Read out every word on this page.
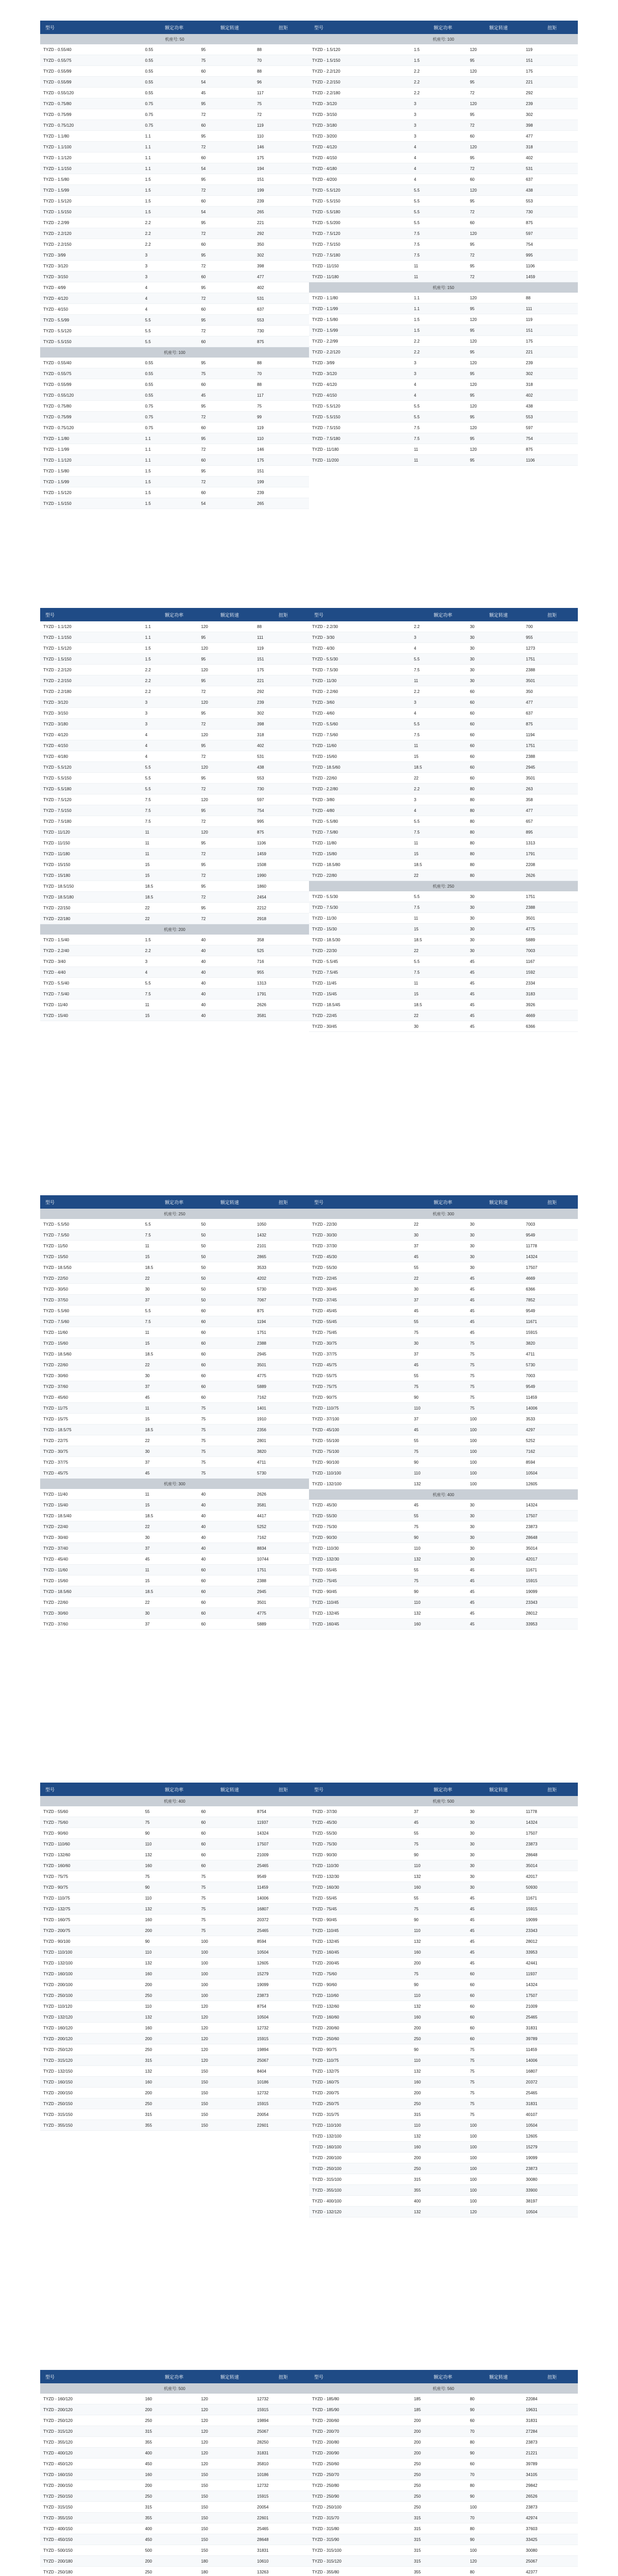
型号	额定功率	额定转速	扭矩
机座号: 50
TYZD - 0.55/40	0.55	95	88
TYZD - 0.55/75	0.55	75	70
TYZD - 0.55/99	0.55	60	88
TYZD - 0.55/99	0.55	54	96
TYZD - 0.55/120	0.55	45	117
TYZD - 0.75/80	0.75	95	75
TYZD - 0.75/99	0.75	72	72
TYZD - 0.75/120	0.75	60	119
TYZD - 1.1/80	1.1	95	110
TYZD - 1.1/100	1.1	72	146
TYZD - 1.1/120	1.1	60	175
TYZD - 1.1/150	1.1	54	194
TYZD - 1.5/80	1.5	95	151
TYZD - 1.5/99	1.5	72	199
TYZD - 1.5/120	1.5	60	239
TYZD - 1.5/150	1.5	54	265
TYZD - 2.2/99	2.2	95	221
TYZD - 2.2/120	2.2	72	292
TYZD - 2.2/150	2.2	60	350
TYZD - 3/99	3	95	302
TYZD - 3/120	3	72	398
TYZD - 3/150	3	60	477
TYZD - 4/99	4	95	402
TYZD - 4/120	4	72	531
TYZD - 4/150	4	60	637
TYZD - 5.5/99	5.5	95	553
TYZD - 5.5/120	5.5	72	730
TYZD - 5.5/150	5.5	60	875
机座号: 100
TYZD - 0.55/40	0.55	95	88
TYZD - 0.55/75	0.55	75	70
TYZD - 0.55/99	0.55	60	88
TYZD - 0.55/120	0.55	45	117
TYZD - 0.75/80	0.75	95	75
TYZD - 0.75/99	0.75	72	99
TYZD - 0.75/120	0.75	60	119
TYZD - 1.1/80	1.1	95	110
TYZD - 1.1/99	1.1	72	146
TYZD - 1.1/120	1.1	60	175
TYZD - 1.5/80	1.5	95	151
TYZD - 1.5/99	1.5	72	199
TYZD - 1.5/120	1.5	60	239
TYZD - 1.5/150	1.5	54	265
型号	额定功率	额定转速	扭矩
机座号: 100
TYZD - 1.5/120	1.5	120	119
TYZD - 1.5/150	1.5	95	151
TYZD - 2.2/120	2.2	120	175
TYZD - 2.2/150	2.2	95	221
TYZD - 2.2/180	2.2	72	292
TYZD - 3/120	3	120	239
TYZD - 3/150	3	95	302
TYZD - 3/180	3	72	398
TYZD - 3/200	3	60	477
TYZD - 4/120	4	120	318
TYZD - 4/150	4	95	402
TYZD - 4/180	4	72	531
TYZD - 4/200	4	60	637
TYZD - 5.5/120	5.5	120	438
TYZD - 5.5/150	5.5	95	553
TYZD - 5.5/180	5.5	72	730
TYZD - 5.5/200	5.5	60	875
TYZD - 7.5/120	7.5	120	597
TYZD - 7.5/150	7.5	95	754
TYZD - 7.5/180	7.5	72	995
TYZD - 11/150	11	95	1106
TYZD - 11/180	11	72	1459
机座号: 150
TYZD - 1.1/80	1.1	120	88
TYZD - 1.1/99	1.1	95	111
TYZD - 1.5/80	1.5	120	119
TYZD - 1.5/99	1.5	95	151
TYZD - 2.2/99	2.2	120	175
TYZD - 2.2/120	2.2	95	221
TYZD - 3/99	3	120	239
TYZD - 3/120	3	95	302
TYZD - 4/120	4	120	318
TYZD - 4/150	4	95	402
TYZD - 5.5/120	5.5	120	438
TYZD - 5.5/150	5.5	95	553
TYZD - 7.5/150	7.5	120	597
TYZD - 7.5/180	7.5	95	754
TYZD - 11/180	11	120	875
TYZD - 11/200	11	95	1106
型号	额定功率	额定转速	扭矩
TYZD - 1.1/120	1.1	120	88
TYZD - 1.1/150	1.1	95	111
TYZD - 1.5/120	1.5	120	119
TYZD - 1.5/150	1.5	95	151
TYZD - 2.2/120	2.2	120	175
TYZD - 2.2/150	2.2	95	221
TYZD - 2.2/180	2.2	72	292
TYZD - 3/120	3	120	239
TYZD - 3/150	3	95	302
TYZD - 3/180	3	72	398
TYZD - 4/120	4	120	318
TYZD - 4/150	4	95	402
TYZD - 4/180	4	72	531
TYZD - 5.5/120	5.5	120	438
TYZD - 5.5/150	5.5	95	553
TYZD - 5.5/180	5.5	72	730
TYZD - 7.5/120	7.5	120	597
TYZD - 7.5/150	7.5	95	754
TYZD - 7.5/180	7.5	72	995
TYZD - 11/120	11	120	875
TYZD - 11/150	11	95	1106
TYZD - 11/180	11	72	1459
TYZD - 15/150	15	95	1508
TYZD - 15/180	15	72	1990
TYZD - 18.5/150	18.5	95	1860
TYZD - 18.5/180	18.5	72	2454
TYZD - 22/150	22	95	2212
TYZD - 22/180	22	72	2918
机座号: 200
TYZD - 1.5/40	1.5	40	358
TYZD - 2.2/40	2.2	40	525
TYZD - 3/40	3	40	716
TYZD - 4/40	4	40	955
TYZD - 5.5/40	5.5	40	1313
TYZD - 7.5/40	7.5	40	1791
TYZD - 11/40	11	40	2626
TYZD - 15/40	15	40	3581
型号	额定功率	额定转速	扭矩
TYZD - 2.2/30	2.2	30	700
TYZD - 3/30	3	30	955
TYZD - 4/30	4	30	1273
TYZD - 5.5/30	5.5	30	1751
TYZD - 7.5/30	7.5	30	2388
TYZD - 11/30	11	30	3501
TYZD - 2.2/60	2.2	60	350
TYZD - 3/60	3	60	477
TYZD - 4/60	4	60	637
TYZD - 5.5/60	5.5	60	875
TYZD - 7.5/60	7.5	60	1194
TYZD - 11/60	11	60	1751
TYZD - 15/60	15	60	2388
TYZD - 18.5/60	18.5	60	2945
TYZD - 22/60	22	60	3501
TYZD - 2.2/80	2.2	80	263
TYZD - 3/80	3	80	358
TYZD - 4/80	4	80	477
TYZD - 5.5/80	5.5	80	657
TYZD - 7.5/80	7.5	80	895
TYZD - 11/80	11	80	1313
TYZD - 15/80	15	80	1791
TYZD - 18.5/80	18.5	80	2208
TYZD - 22/80	22	80	2626
机座号: 250
TYZD - 5.5/30	5.5	30	1751
TYZD - 7.5/30	7.5	30	2388
TYZD - 11/30	11	30	3501
TYZD - 15/30	15	30	4775
TYZD - 18.5/30	18.5	30	5889
TYZD - 22/30	22	30	7003
TYZD - 5.5/45	5.5	45	1167
TYZD - 7.5/45	7.5	45	1592
TYZD - 11/45	11	45	2334
TYZD - 15/45	15	45	3183
TYZD - 18.5/45	18.5	45	3926
TYZD - 22/45	22	45	4669
TYZD - 30/45	30	45	6366
型号	额定功率	额定转速	扭矩
机座号: 250
TYZD - 5.5/50	5.5	50	1050
TYZD - 7.5/50	7.5	50	1432
TYZD - 11/50	11	50	2101
TYZD - 15/50	15	50	2865
TYZD - 18.5/50	18.5	50	3533
TYZD - 22/50	22	50	4202
TYZD - 30/50	30	50	5730
TYZD - 37/50	37	50	7067
TYZD - 5.5/60	5.5	60	875
TYZD - 7.5/60	7.5	60	1194
TYZD - 11/60	11	60	1751
TYZD - 15/60	15	60	2388
TYZD - 18.5/60	18.5	60	2945
TYZD - 22/60	22	60	3501
TYZD - 30/60	30	60	4775
TYZD - 37/60	37	60	5889
TYZD - 45/60	45	60	7162
TYZD - 11/75	11	75	1401
TYZD - 15/75	15	75	1910
TYZD - 18.5/75	18.5	75	2356
TYZD - 22/75	22	75	2801
TYZD - 30/75	30	75	3820
TYZD - 37/75	37	75	4711
TYZD - 45/75	45	75	5730
机座号: 300
TYZD - 11/40	11	40	2626
TYZD - 15/40	15	40	3581
TYZD - 18.5/40	18.5	40	4417
TYZD - 22/40	22	40	5252
TYZD - 30/40	30	40	7162
TYZD - 37/40	37	40	8834
TYZD - 45/40	45	40	10744
TYZD - 11/60	11	60	1751
TYZD - 15/60	15	60	2388
TYZD - 18.5/60	18.5	60	2945
TYZD - 22/60	22	60	3501
TYZD - 30/60	30	60	4775
TYZD - 37/60	37	60	5889
型号	额定功率	额定转速	扭矩
机座号: 300
TYZD - 22/30	22	30	7003
TYZD - 30/30	30	30	9549
TYZD - 37/30	37	30	11778
TYZD - 45/30	45	30	14324
TYZD - 55/30	55	30	17507
TYZD - 22/45	22	45	4669
TYZD - 30/45	30	45	6366
TYZD - 37/45	37	45	7852
TYZD - 45/45	45	45	9549
TYZD - 55/45	55	45	11671
TYZD - 75/45	75	45	15915
TYZD - 30/75	30	75	3820
TYZD - 37/75	37	75	4711
TYZD - 45/75	45	75	5730
TYZD - 55/75	55	75	7003
TYZD - 75/75	75	75	9549
TYZD - 90/75	90	75	11459
TYZD - 110/75	110	75	14006
TYZD - 37/100	37	100	3533
TYZD - 45/100	45	100	4297
TYZD - 55/100	55	100	5252
TYZD - 75/100	75	100	7162
TYZD - 90/100	90	100	8594
TYZD - 110/100	110	100	10504
TYZD - 132/100	132	100	12605
机座号: 400
TYZD - 45/30	45	30	14324
TYZD - 55/30	55	30	17507
TYZD - 75/30	75	30	23873
TYZD - 90/30	90	30	28648
TYZD - 110/30	110	30	35014
TYZD - 132/30	132	30	42017
TYZD - 55/45	55	45	11671
TYZD - 75/45	75	45	15915
TYZD - 90/45	90	45	19099
TYZD - 110/45	110	45	23343
TYZD - 132/45	132	45	28012
TYZD - 160/45	160	45	33953
型号	额定功率	额定转速	扭矩
机座号: 400
TYZD - 55/60	55	60	8754
TYZD - 75/60	75	60	11937
TYZD - 90/60	90	60	14324
TYZD - 110/60	110	60	17507
TYZD - 132/60	132	60	21009
TYZD - 160/60	160	60	25465
TYZD - 75/75	75	75	9549
TYZD - 90/75	90	75	11459
TYZD - 110/75	110	75	14006
TYZD - 132/75	132	75	16807
TYZD - 160/75	160	75	20372
TYZD - 200/75	200	75	25465
TYZD - 90/100	90	100	8594
TYZD - 110/100	110	100	10504
TYZD - 132/100	132	100	12605
TYZD - 160/100	160	100	15279
TYZD - 200/100	200	100	19099
TYZD - 250/100	250	100	23873
TYZD - 110/120	110	120	8754
TYZD - 132/120	132	120	10504
TYZD - 160/120	160	120	12732
TYZD - 200/120	200	120	15915
TYZD - 250/120	250	120	19894
TYZD - 315/120	315	120	25067
TYZD - 132/150	132	150	8404
TYZD - 160/150	160	150	10186
TYZD - 200/150	200	150	12732
TYZD - 250/150	250	150	15915
TYZD - 315/150	315	150	20054
TYZD - 355/150	355	150	22601
型号	额定功率	额定转速	扭矩
机座号: 500
TYZD - 37/30	37	30	11778
TYZD - 45/30	45	30	14324
TYZD - 55/30	55	30	17507
TYZD - 75/30	75	30	23873
TYZD - 90/30	90	30	28648
TYZD - 110/30	110	30	35014
TYZD - 132/30	132	30	42017
TYZD - 160/30	160	30	50930
TYZD - 55/45	55	45	11671
TYZD - 75/45	75	45	15915
TYZD - 90/45	90	45	19099
TYZD - 110/45	110	45	23343
TYZD - 132/45	132	45	28012
TYZD - 160/45	160	45	33953
TYZD - 200/45	200	45	42441
TYZD - 75/60	75	60	11937
TYZD - 90/60	90	60	14324
TYZD - 110/60	110	60	17507
TYZD - 132/60	132	60	21009
TYZD - 160/60	160	60	25465
TYZD - 200/60	200	60	31831
TYZD - 250/60	250	60	39789
TYZD - 90/75	90	75	11459
TYZD - 110/75	110	75	14006
TYZD - 132/75	132	75	16807
TYZD - 160/75	160	75	20372
TYZD - 200/75	200	75	25465
TYZD - 250/75	250	75	31831
TYZD - 315/75	315	75	40107
TYZD - 110/100	110	100	10504
TYZD - 132/100	132	100	12605
TYZD - 160/100	160	100	15279
TYZD - 200/100	200	100	19099
TYZD - 250/100	250	100	23873
TYZD - 315/100	315	100	30080
TYZD - 355/100	355	100	33900
TYZD - 400/100	400	100	38197
TYZD - 132/120	132	120	10504
型号	额定功率	额定转速	扭矩
机座号: 500
TYZD - 160/120	160	120	12732
TYZD - 200/120	200	120	15915
TYZD - 250/120	250	120	19894
TYZD - 315/120	315	120	25067
TYZD - 355/120	355	120	28250
TYZD - 400/120	400	120	31831
TYZD - 450/120	450	120	35810
TYZD - 160/150	160	150	10186
TYZD - 200/150	200	150	12732
TYZD - 250/150	250	150	15915
TYZD - 315/150	315	150	20054
TYZD - 355/150	355	150	22601
TYZD - 400/150	400	150	25465
TYZD - 450/150	450	150	28648
TYZD - 500/150	500	150	31831
TYZD - 200/180	200	180	10610
TYZD - 250/180	250	180	13263
型号	额定功率	额定转速	扭矩
机座号: 560
TYZD - 185/80	185	80	22084
TYZD - 185/90	185	90	19631
TYZD - 200/60	200	60	31831
TYZD - 200/70	200	70	27284
TYZD - 200/80	200	80	23873
TYZD - 200/90	200	90	21221
TYZD - 250/60	250	60	39789
TYZD - 250/70	250	70	34105
TYZD - 250/80	250	80	29842
TYZD - 250/90	250	90	26526
TYZD - 250/100	250	100	23873
TYZD - 315/70	315	70	42974
TYZD - 315/80	315	80	37603
TYZD - 315/90	315	90	33425
TYZD - 315/100	315	100	30080
TYZD - 315/120	315	120	25067
TYZD - 355/80	355	80	42377
